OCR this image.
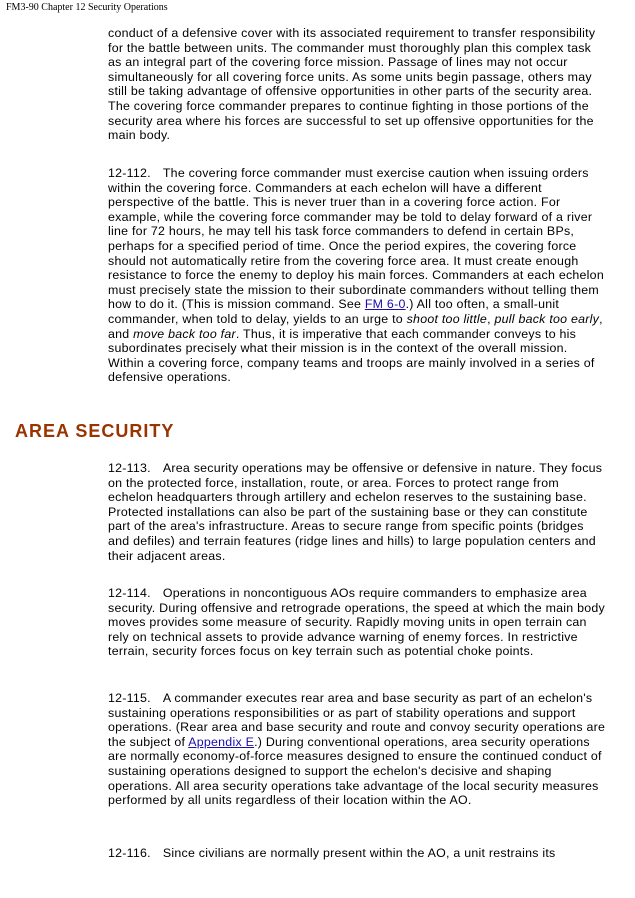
FM3-90 Chapter 12 Security Operations

conduct of a defensive cover with its associated requirement to transfer responsibility for the battle between units. The commander must thoroughly plan this complex task as an integral part of the covering force mission. Passage of lines may not occur simultaneously for all covering force units. As some units begin passage, others may still be taking advantage of offensive opportunities in other parts of the security area. The covering force commander prepares to continue fighting in those portions of the security area where his forces are successful to set up offensive opportunities for the main body.

12-112. The covering force commander must exercise caution when issuing orders within the covering force. Commanders at each echelon will have a different perspective of the battle. This is never truer than in a covering force action. For example, while the covering force commander may be told to delay forward of a river line for 72 hours, he may tell his task force commanders to defend in certain BPs, perhaps for a specified period of time. Once the period expires, the covering force should not automatically retire from the covering force area. It must create enough resistance to force the enemy to deploy his main forces. Commanders at each echelon must precisely state the mission to their subordinate commanders without telling them how to do it. (This is mission command. See FM 6-0.) All too often, a small-unit commander, when told to delay, yields to an urge to shoot too little, pull back too early, and move back too far. Thus, it is imperative that each commander conveys to his subordinates precisely what their mission is in the context of the overall mission. Within a covering force, company teams and troops are mainly involved in a series of defensive operations.

AREA SECURITY

12-113. Area security operations may be offensive or defensive in nature. They focus on the protected force, installation, route, or area. Forces to protect range from echelon headquarters through artillery and echelon reserves to the sustaining base. Protected installations can also be part of the sustaining base or they can constitute part of the area's infrastructure. Areas to secure range from specific points (bridges and defiles) and terrain features (ridge lines and hills) to large population centers and their adjacent areas.

12-114. Operations in noncontiguous AOs require commanders to emphasize area security. During offensive and retrograde operations, the speed at which the main body moves provides some measure of security. Rapidly moving units in open terrain can rely on technical assets to provide advance warning of enemy forces. In restrictive terrain, security forces focus on key terrain such as potential choke points.

12-115. A commander executes rear area and base security as part of an echelon's sustaining operations responsibilities or as part of stability operations and support operations. (Rear area and base security and route and convoy security operations are the subject of Appendix E.) During conventional operations, area security operations are normally economy-of-force measures designed to ensure the continued conduct of sustaining operations designed to support the echelon's decisive and shaping operations. All area security operations take advantage of the local security measures performed by all units regardless of their location within the AO.

12-116. Since civilians are normally present within the AO, a unit restrains its
